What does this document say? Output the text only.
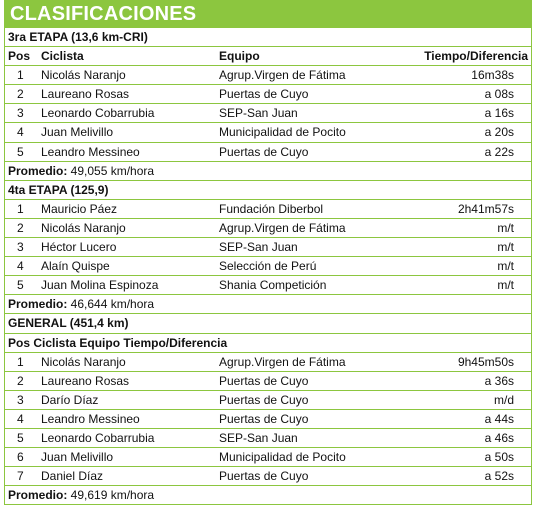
CLASIFICACIONES
3ra ETAPA (13,6 km-CRI)
Pos Ciclista	Equipo	Tiempo/Diferencia
1	Nicolás Naranjo	Agrup.Virgen de Fátima	16m38s
2	Laureano Rosas	Puertas de Cuyo	a 08s
3	Leonardo Cobarrubia	SEP-San Juan	a 16s
4	Juan Melivillo	Municipalidad de Pocito	a 20s
5	Leandro Messineo	Puertas de Cuyo	a 22s
Promedio: 49,055 km/hora
4ta ETAPA (125,9)
1	Mauricio Páez	Fundación Diberbol	2h41m57s
2	Nicolás Naranjo	Agrup.Virgen de Fátima	m/t
3	Héctor Lucero	SEP-San Juan	m/t
4	Alaín Quispe	Selección de Perú	m/t
5	Juan Molina Espinoza	Shania Competición	m/t
Promedio: 46,644 km/hora
GENERAL (451,4 km)
Pos Ciclista Equipo Tiempo/Diferencia
1	Nicolás Naranjo	Agrup.Virgen de Fátima	9h45m50s
2	Laureano Rosas	Puertas de Cuyo	a 36s
3	Darío Díaz	Puertas de Cuyo	m/d
4	Leandro Messineo	Puertas de Cuyo	a 44s
5	Leonardo Cobarrubia	SEP-San Juan	a 46s
6	Juan Melivillo	Municipalidad de Pocito	a 50s
7	Daniel Díaz	Puertas de Cuyo	a 52s
Promedio: 49,619 km/hora
